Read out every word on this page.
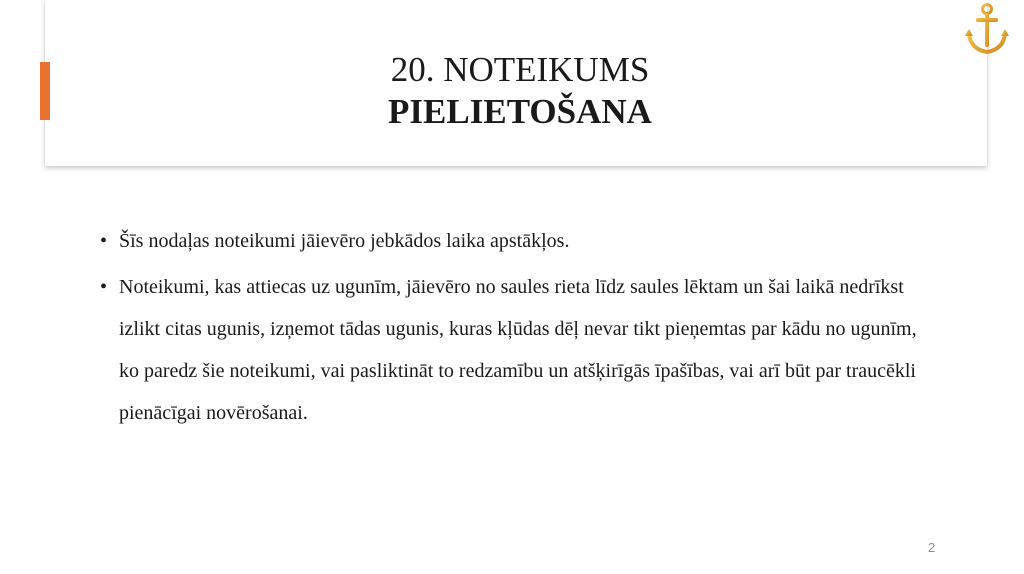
20. NOTEIKUMS
PIELIETOŠANA
• Šīs nodaļas noteikumi jāievēro jebkādos laika apstākļos.
• Noteikumi, kas attiecas uz ugunīm, jāievēro no saules rieta līdz saules lēktam un šai laikā nedrīkst izlikt citas ugunis, izņemot tādas ugunis, kuras kļūdas dēļ nevar tikt pieņemtas par kādu no ugunīm, ko paredz šie noteikumi, vai pasliktināt to redzamību un atšķirīgās īpašības, vai arī būt par traucēkli pienācīgai novērošanai.
2
